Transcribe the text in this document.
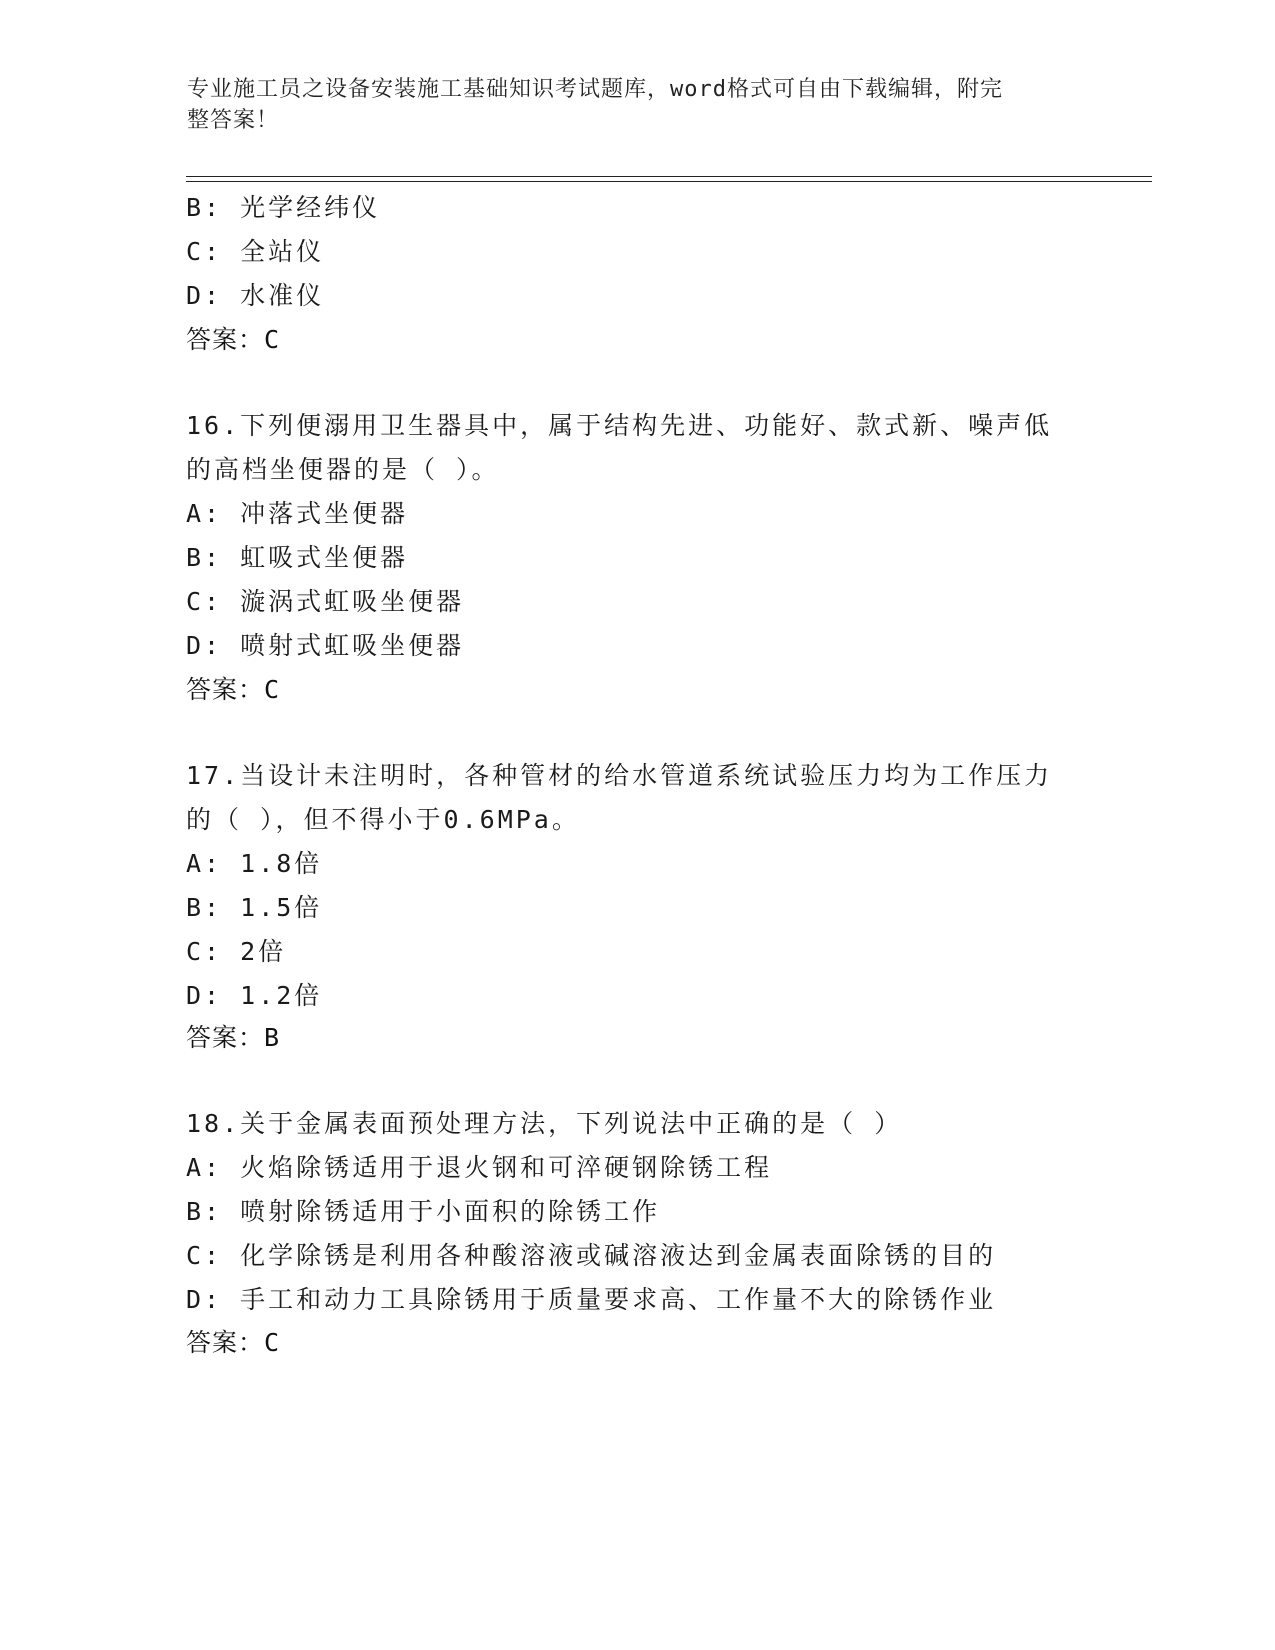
专业施工员之设备安装施工基础知识考试题库，word格式可自由下载编辑，附完
整答案！
B: 光学经纬仪
C: 全站仪
D: 水准仪
答案：C
16.下列便溺用卫生器具中，属于结构先进、功能好、款式新、噪声低
的高档坐便器的是（ ）。
A: 冲落式坐便器
B: 虹吸式坐便器
C: 漩涡式虹吸坐便器
D: 喷射式虹吸坐便器
答案：C
17.当设计未注明时，各种管材的给水管道系统试验压力均为工作压力
的（ ），但不得小于0.6MPa。
A: 1.8倍
B: 1.5倍
C: 2倍
D: 1.2倍
答案：B
18.关于金属表面预处理方法，下列说法中正确的是（ ）
A: 火焰除锈适用于退火钢和可淬硬钢除锈工程
B: 喷射除锈适用于小面积的除锈工作
C: 化学除锈是利用各种酸溶液或碱溶液达到金属表面除锈的目的
D: 手工和动力工具除锈用于质量要求高、工作量不大的除锈作业
答案：C
